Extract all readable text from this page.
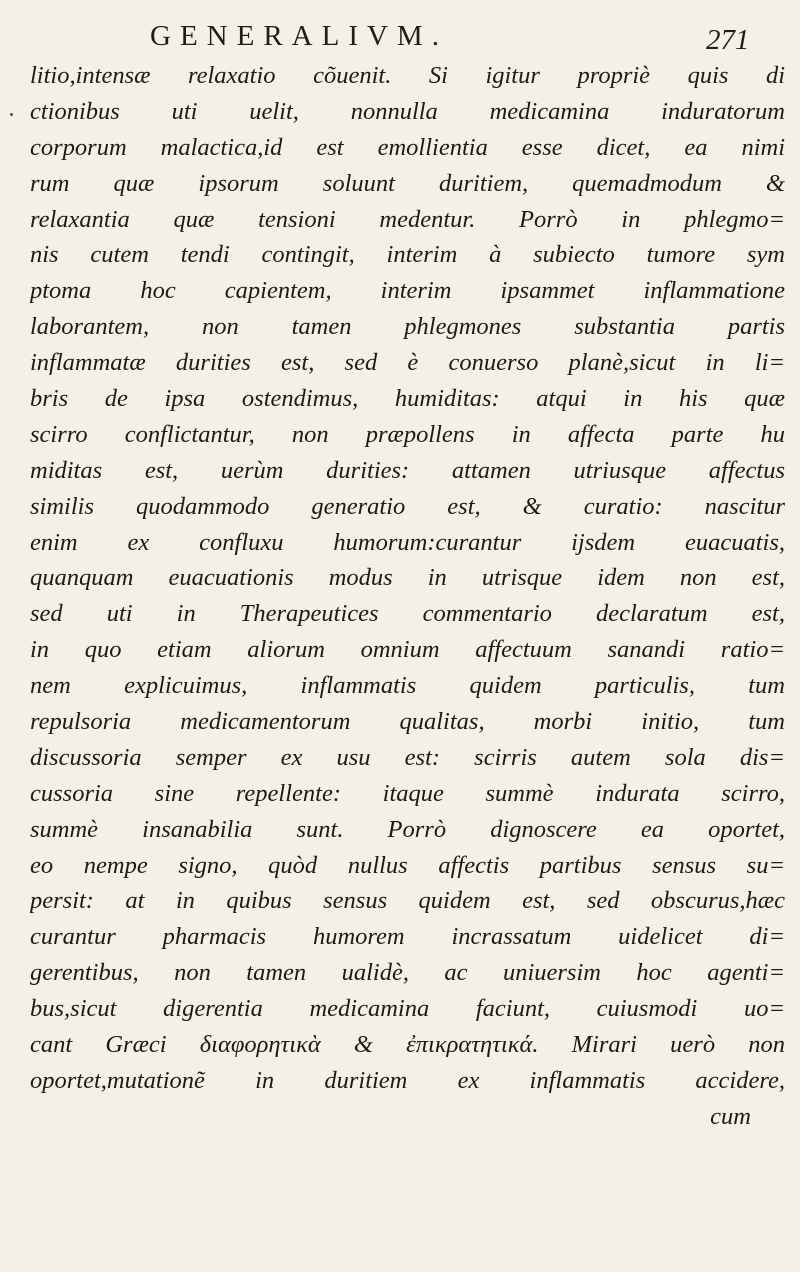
GENERALIVM.	271
litio,intensæ relaxatio cõuenit. Si igitur propriè quis di
ctionibus uti uelit, nonnulla medicamina induratorum
corporum malactica,id est emollientia esse dicet, ea nimi
rum quæ ipsorum soluunt duritiem, quemadmodum &
relaxantia quæ tensioni medentur. Porrò in phlegmo=
nis cutem tendi contingit, interim à subiecto tumore sym
ptoma hoc capientem, interim ipsammet inflammatione
laborantem, non tamen phlegmones substantia partis
inflammatæ durities est, sed è conuerso planè,sicut in li=
bris de ipsa ostendimus, humiditas: atqui in his quæ
scirro conflictantur, non præpollens in affecta parte hu
miditas est, uerùm durities: attamen utriusque affectus
similis quodammodo generatio est, & curatio: nascitur
enim ex confluxu humorum:curantur ijsdem euacuatis,
quanquam euacuationis modus in utrisque idem non est,
sed uti in Therapeutices commentario declaratum est,
in quo etiam aliorum omnium affectuum sanandi ratio=
nem explicuimus, inflammatis quidem particulis, tum
repulsoria medicamentorum qualitas, morbi initio, tum
discussoria semper ex usu est: scirris autem sola dis=
cussoria sine repellente: itaque summè indurata scirro,
summè insanabilia sunt. Porrò dignoscere ea oportet,
eo nempe signo, quòd nullus affectis partibus sensus su=
persit: at in quibus sensus quidem est, sed obscurus,hæc
curantur pharmacis humorem incrassatum uidelicet di=
gerentibus, non tamen ualidè, ac uniuersim hoc agenti=
bus,sicut digerentia medicamina faciunt, cuiusmodi uo=
cant Græci διαφορητικὰ & ἐπικρατητικά. Mirari uerò non
oportet,mutationẽ in duritiem ex inflammatis accidere,
cum
